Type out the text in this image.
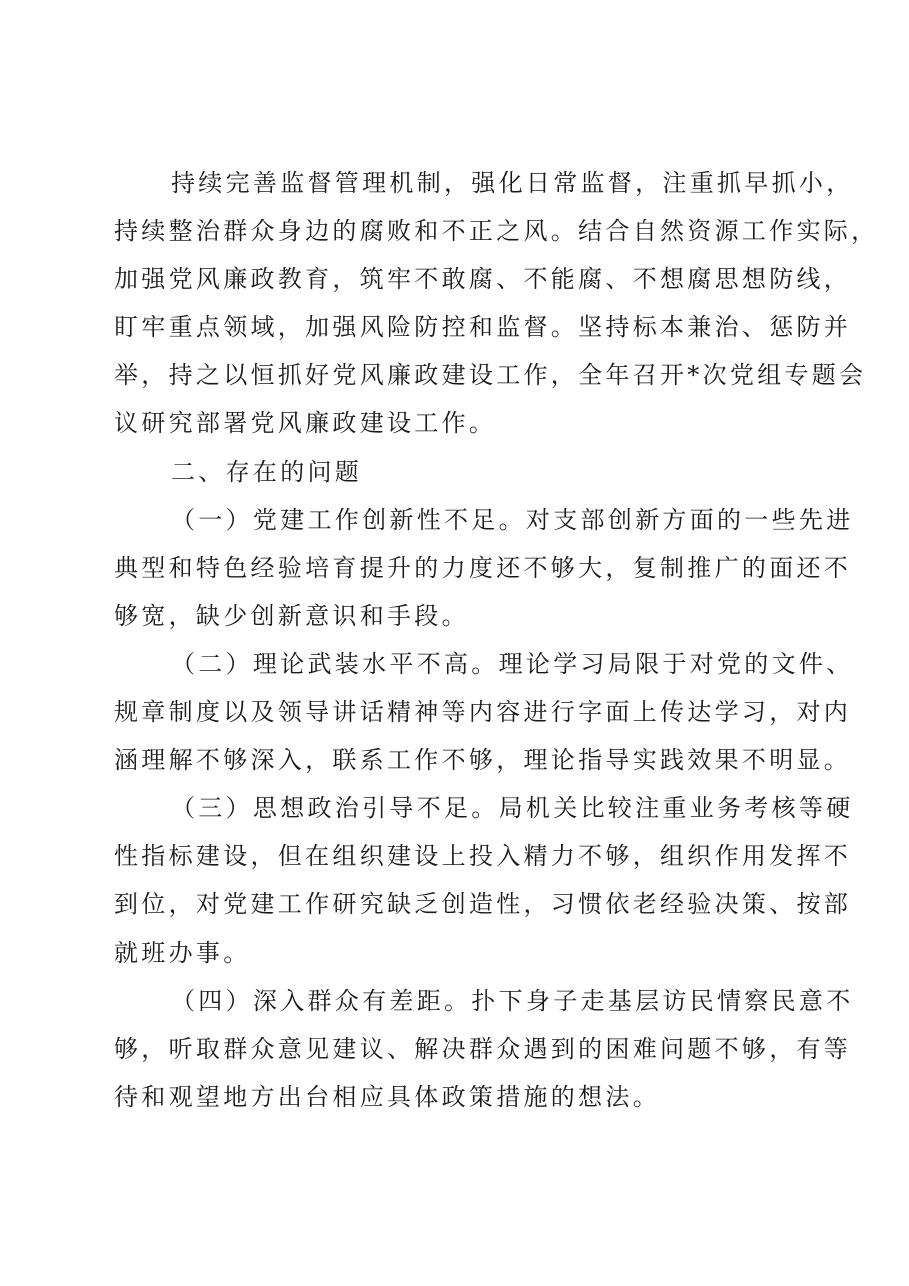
持续完善监督管理机制，强化日常监督，注重抓早抓小，
持续整治群众身边的腐败和不正之风。结合自然资源工作实际，
加强党风廉政教育，筑牢不敢腐、不能腐、不想腐思想防线，
盯牢重点领域，加强风险防控和监督。坚持标本兼治、惩防并
举，持之以恒抓好党风廉政建设工作，全年召开*次党组专题会
议研究部署党风廉政建设工作。
二、存在的问题
（一）党建工作创新性不足。对支部创新方面的一些先进
典型和特色经验培育提升的力度还不够大，复制推广的面还不
够宽，缺少创新意识和手段。
（二）理论武装水平不高。理论学习局限于对党的文件、
规章制度以及领导讲话精神等内容进行字面上传达学习，对内
涵理解不够深入，联系工作不够，理论指导实践效果不明显。
（三）思想政治引导不足。局机关比较注重业务考核等硬
性指标建设，但在组织建设上投入精力不够，组织作用发挥不
到位，对党建工作研究缺乏创造性，习惯依老经验决策、按部
就班办事。
（四）深入群众有差距。扑下身子走基层访民情察民意不
够，听取群众意见建议、解决群众遇到的困难问题不够，有等
待和观望地方出台相应具体政策措施的想法。
